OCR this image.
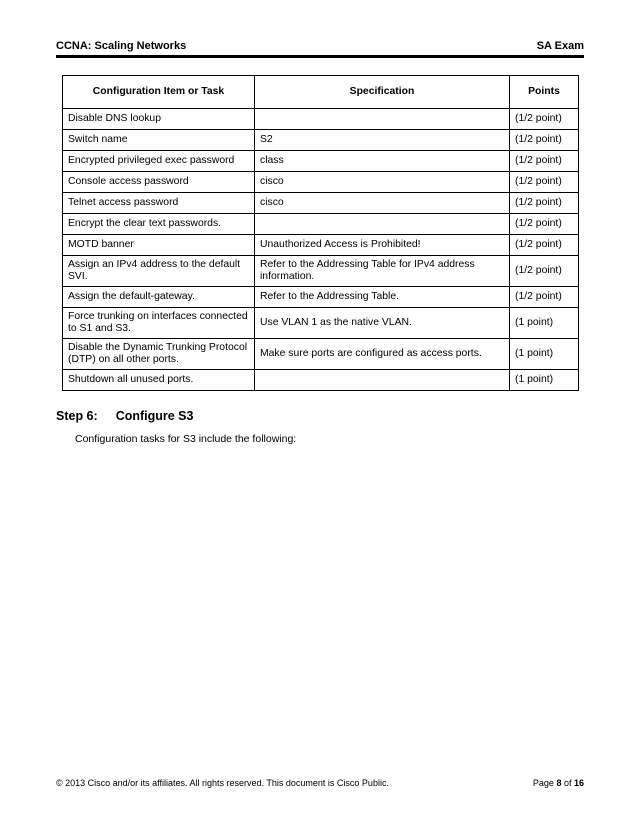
CCNA: Scaling Networks	SA Exam
Configuration Item or Task	Specification	Points
Disable DNS lookup		(1/2 point)
Switch name	S2	(1/2 point)
Encrypted privileged exec password	class	(1/2 point)
Console access password	cisco	(1/2 point)
Telnet access password	cisco	(1/2 point)
Encrypt the clear text passwords.		(1/2 point)
MOTD banner	Unauthorized Access is Prohibited!	(1/2 point)
Assign an IPv4 address to the default SVI.	Refer to the Addressing Table for IPv4 address information.	(1/2 point)
Assign the default-gateway.	Refer to the Addressing Table.	(1/2 point)
Force trunking on interfaces connected to S1 and S3.	Use VLAN 1 as the native VLAN.	(1 point)
Disable the Dynamic Trunking Protocol (DTP) on all other ports.	Make sure ports are configured as access ports.	(1 point)
Shutdown all unused ports.		(1 point)
Step 6: Configure S3
Configuration tasks for S3 include the following:
© 2013 Cisco and/or its affiliates. All rights reserved. This document is Cisco Public.	Page 8 of 16
